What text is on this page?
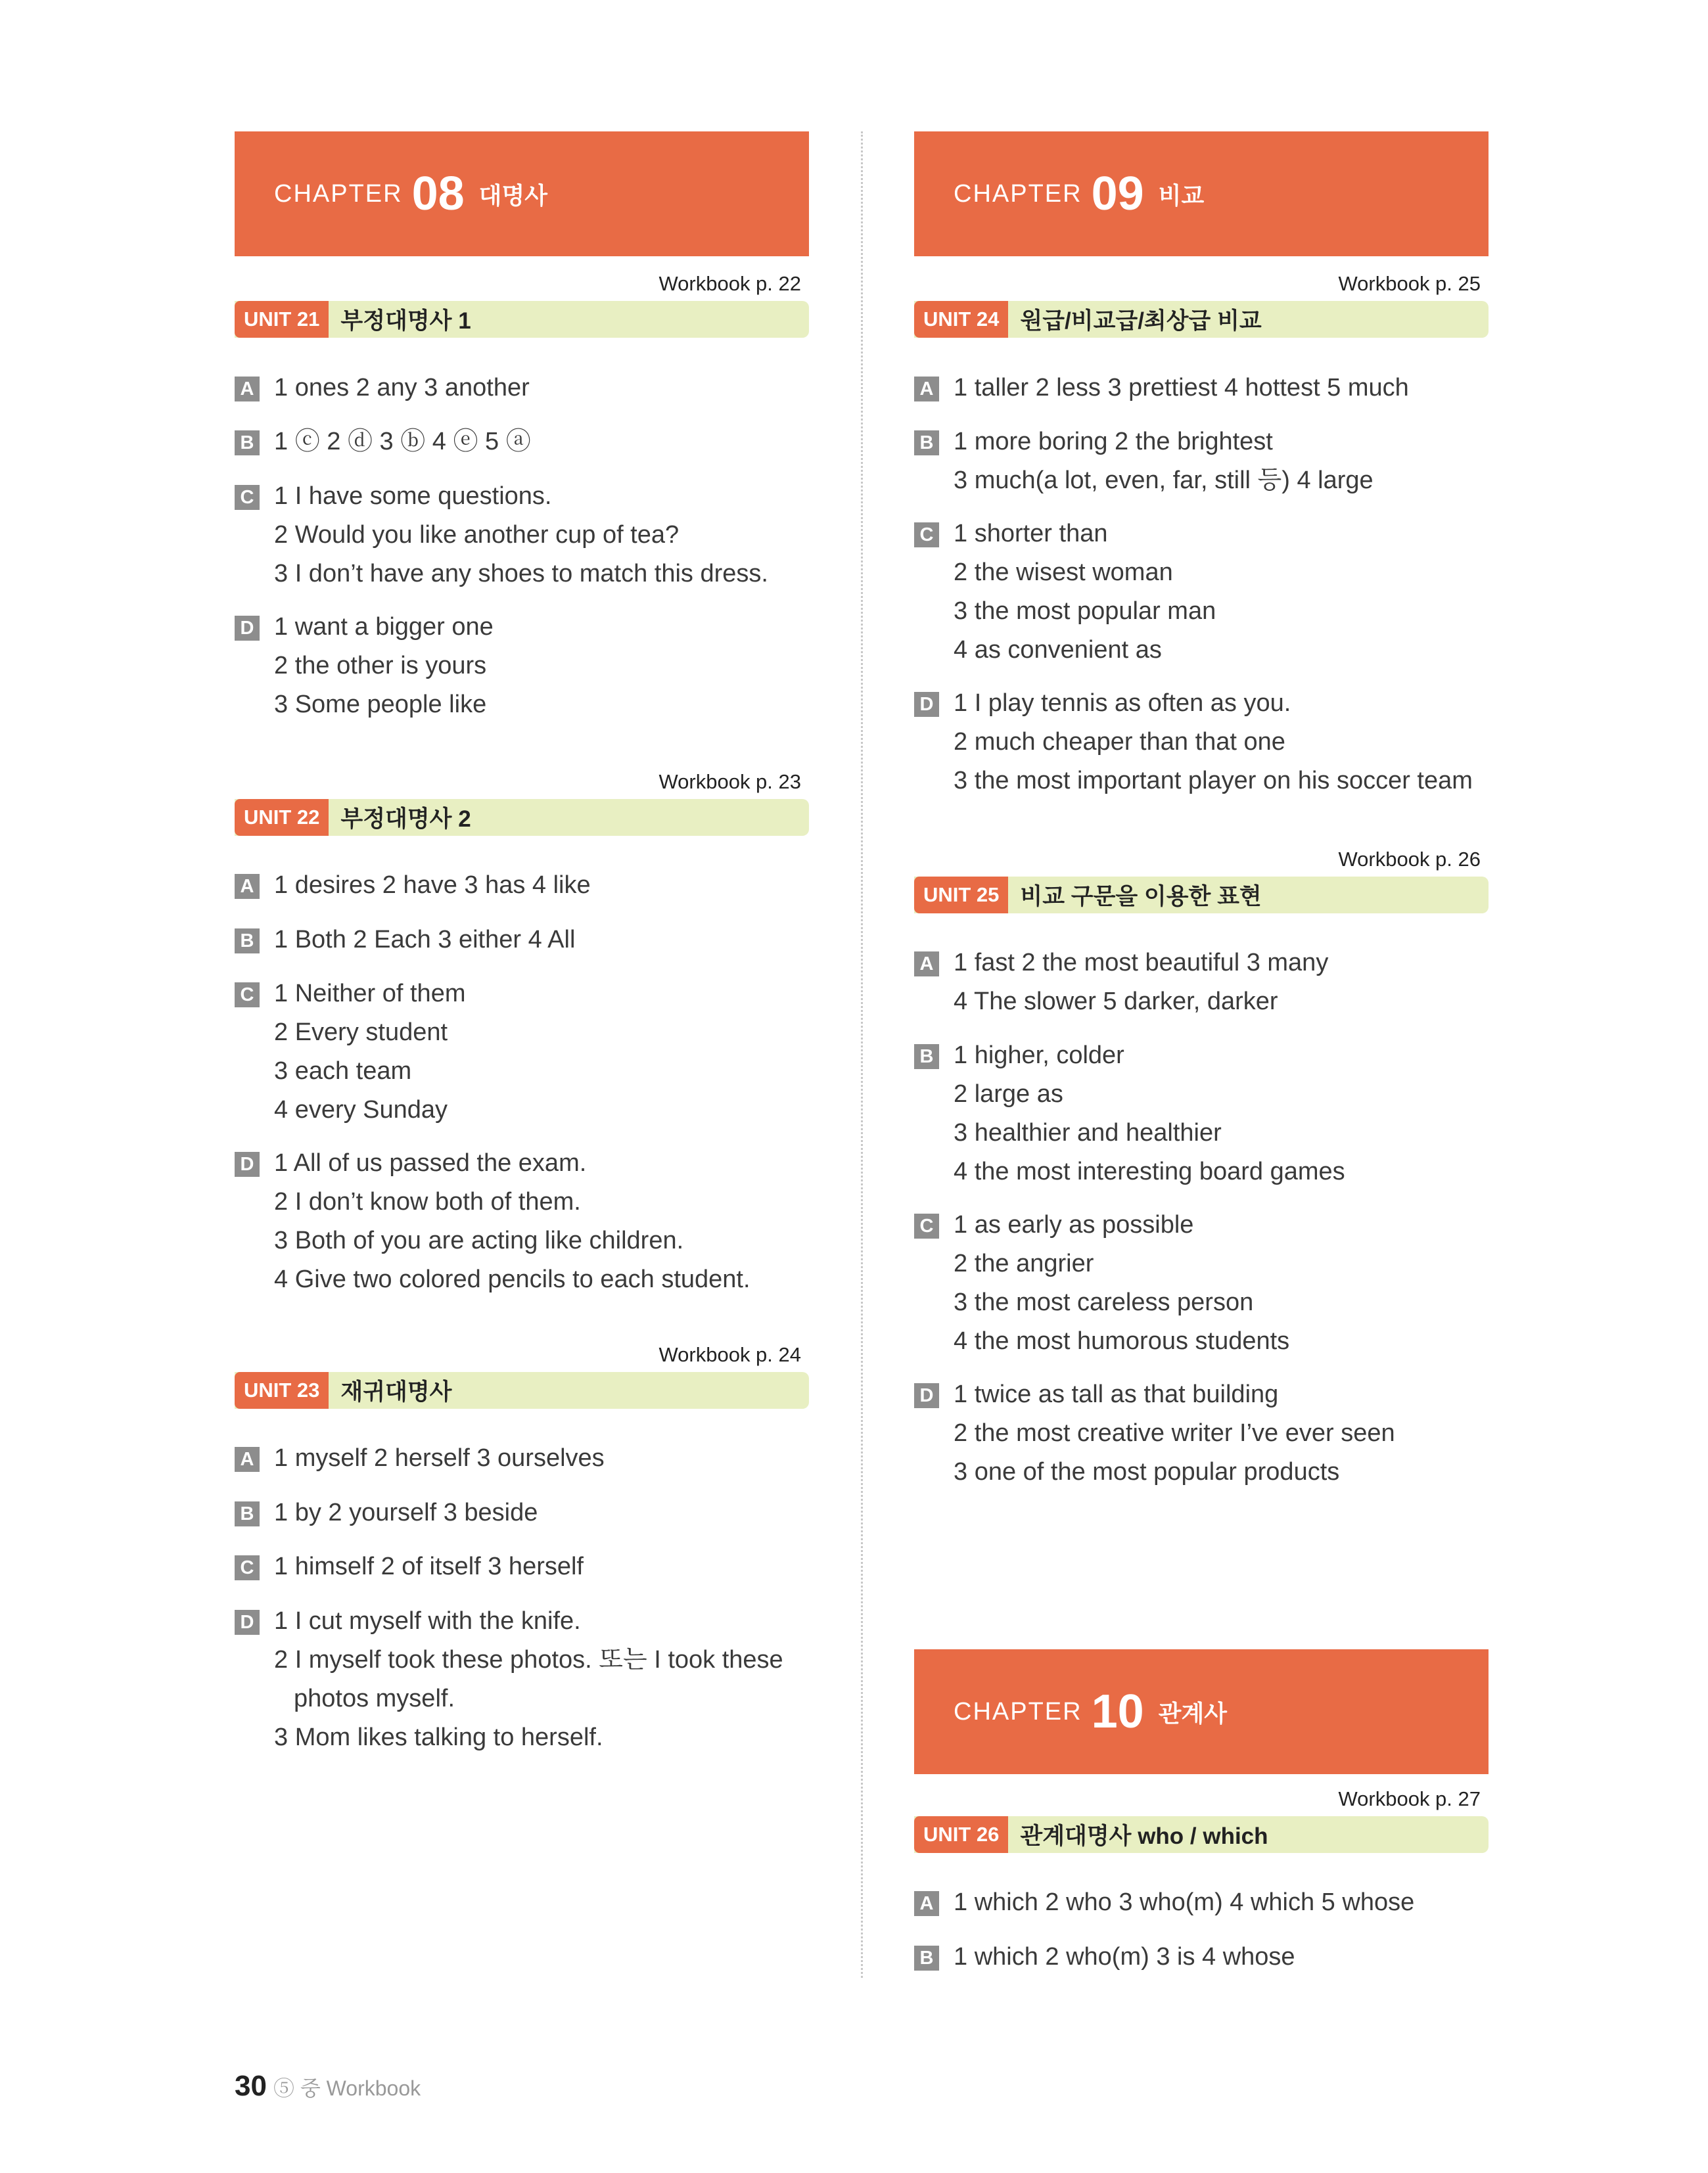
CHAPTER 08 대명사
Workbook p. 22
UNIT 21 부정대명사 1
A 1 ones 2 any 3 another
B 1 ⓒ 2 ⓓ 3 ⓑ 4 ⓔ 5 ⓐ
C 1 I have some questions.
2 Would you like another cup of tea?
3 I don’t have any shoes to match this dress.
D 1 want a bigger one
2 the other is yours
3 Some people like
Workbook p. 23
UNIT 22 부정대명사 2
A 1 desires 2 have 3 has 4 like
B 1 Both 2 Each 3 either 4 All
C 1 Neither of them
2 Every student
3 each team
4 every Sunday
D 1 All of us passed the exam.
2 I don’t know both of them.
3 Both of you are acting like children.
4 Give two colored pencils to each student.
Workbook p. 24
UNIT 23 재귀대명사
A 1 myself 2 herself 3 ourselves
B 1 by 2 yourself 3 beside
C 1 himself 2 of itself 3 herself
D 1 I cut myself with the knife.
2 I myself took these photos. 또는 I took these
photos myself.
3 Mom likes talking to herself.
CHAPTER 09 비교
Workbook p. 25
UNIT 24 원급/비교급/최상급 비교
A 1 taller 2 less 3 prettiest 4 hottest 5 much
B 1 more boring 2 the brightest
3 much(a lot, even, far, still 등) 4 large
C 1 shorter than
2 the wisest woman
3 the most popular man
4 as convenient as
D 1 I play tennis as often as you.
2 much cheaper than that one
3 the most important player on his soccer team
Workbook p. 26
UNIT 25 비교 구문을 이용한 표현
A 1 fast 2 the most beautiful 3 many
4 The slower 5 darker, darker
B 1 higher, colder
2 large as
3 healthier and healthier
4 the most interesting board games
C 1 as early as possible
2 the angrier
3 the most careless person
4 the most humorous students
D 1 twice as tall as that building
2 the most creative writer I’ve ever seen
3 one of the most popular products
CHAPTER 10 관계사
Workbook p. 27
UNIT 26 관계대명사 who / which
A 1 which 2 who 3 who(m) 4 which 5 whose
B 1 which 2 who(m) 3 is 4 whose
30 ⑤ 중 Workbook
